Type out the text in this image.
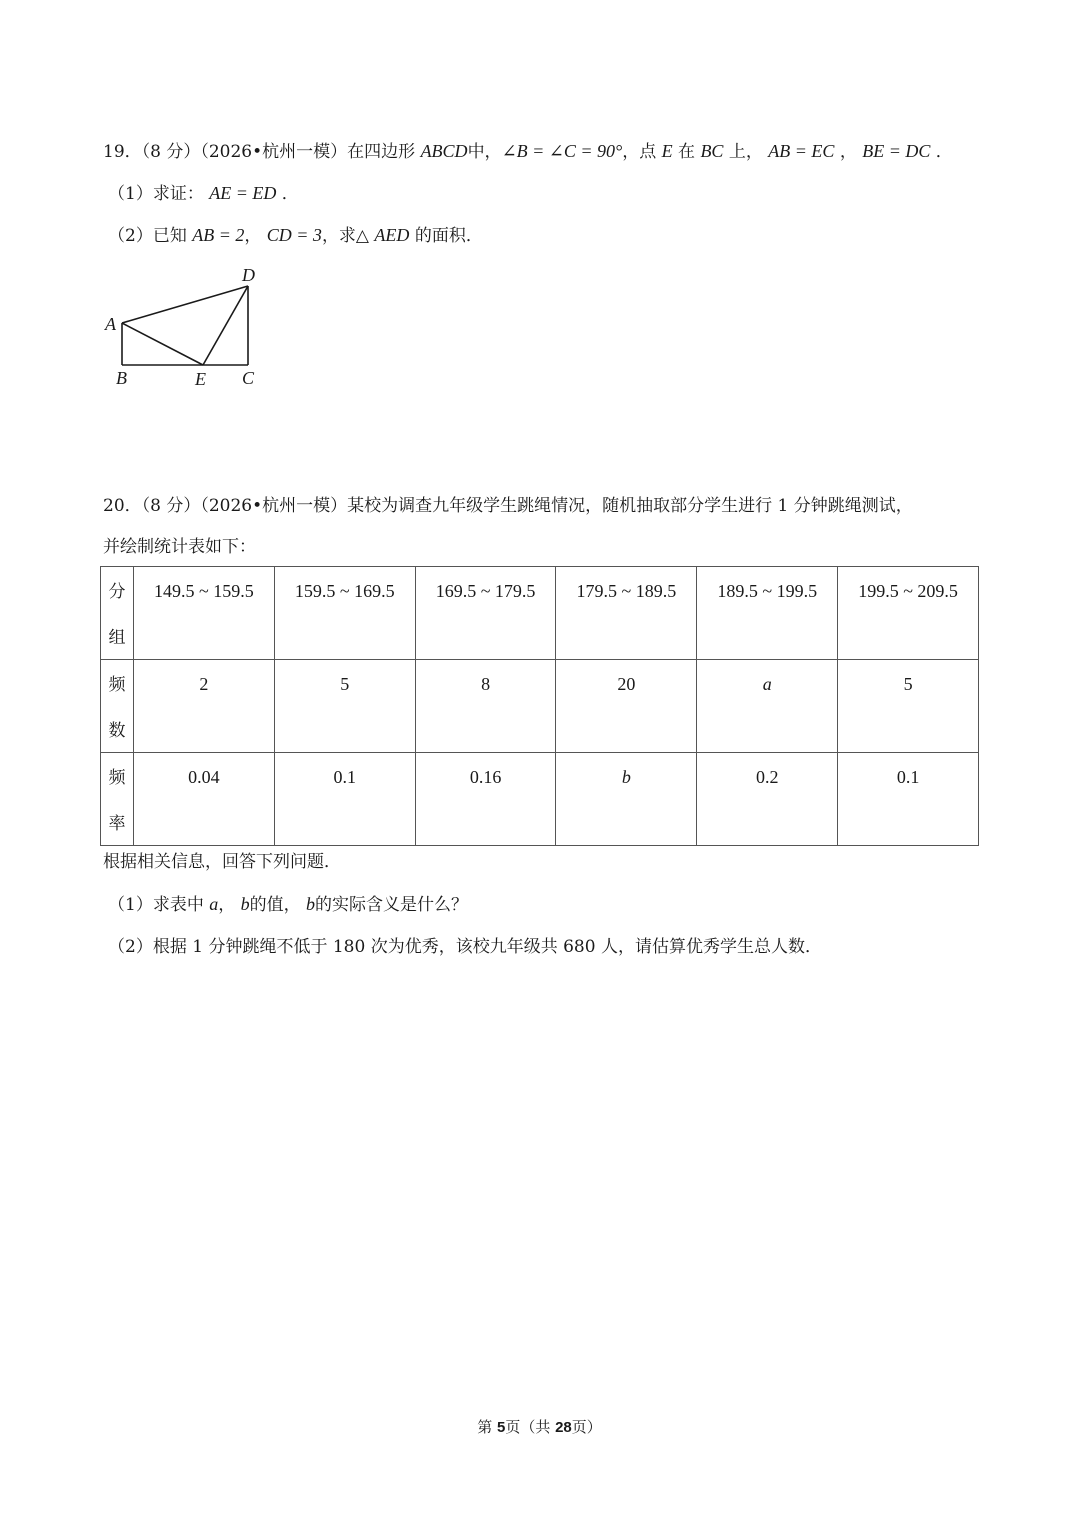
19．（8 分）（2026•杭州一模）在四边形 ABCD中，∠B = ∠C = 90°，点 E 在 BC 上， AB = EC ， BE = DC ．
（1）求证： AE = ED ．
（2）已知 AB = 2， CD = 3，求△ AED 的面积．
A
B	E C
D
20．（8 分）（2026•杭州一模）某校为调查九年级学生跳绳情况，随机抽取部分学生进行 1 分钟跳绳测试，
并绘制统计表如下：
分
组	149.5 ~ 159.5	159.5 ~ 169.5	169.5 ~ 179.5	179.5 ~ 189.5	189.5 ~ 199.5	199.5 ~ 209.5

频
数	2	5	8	20	a	5

频
率	0.04	0.1	0.16	b	0.2	0.1
根据相关信息，回答下列问题．
（1）求表中 a， b的值， b的实际含义是什么？
（2）根据 1 分钟跳绳不低于 180 次为优秀，该校九年级共 680 人，请估算优秀学生总人数．
第 5页（共 28页）
